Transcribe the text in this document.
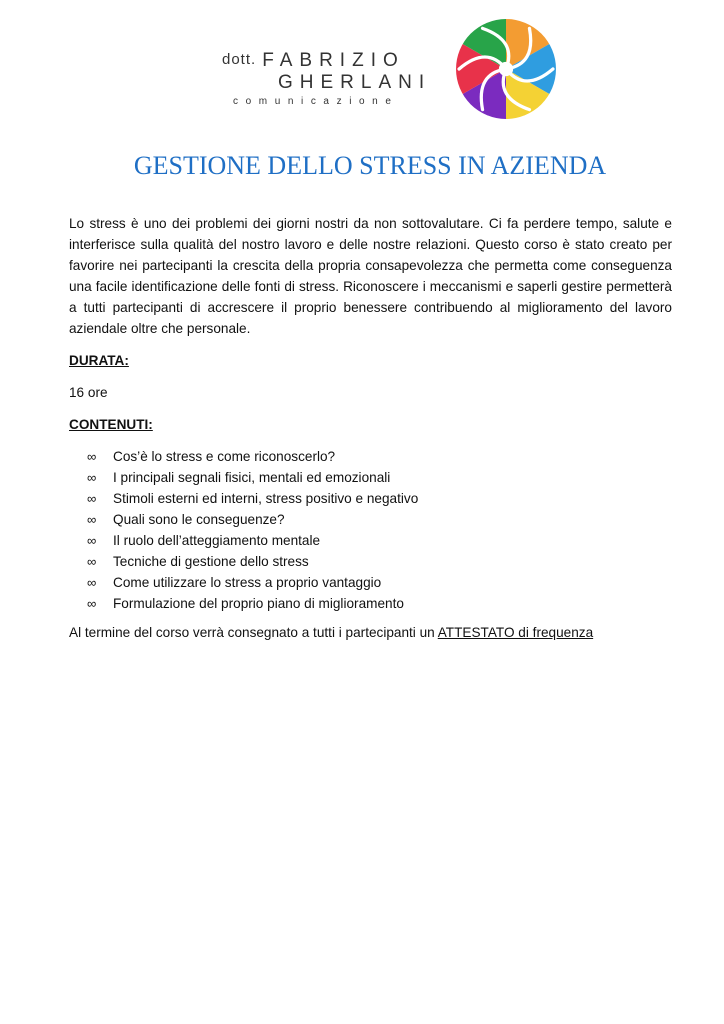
dott. FABRIZIO
GHERLANI
comunicazione
GESTIONE DELLO STRESS IN AZIENDA

Lo stress è uno dei problemi dei giorni nostri da non sottovalutare. Ci fa perdere tempo, salute e interferisce sulla qualità del nostro lavoro e delle nostre relazioni. Questo corso è stato creato per favorire nei partecipanti la crescita della propria consapevolezza che permetta come conseguenza una facile identificazione delle fonti di stress. Riconoscere i meccanismi e saperli gestire permetterà a tutti partecipanti di accrescere il proprio benessere contribuendo al miglioramento del lavoro aziendale oltre che personale.

DURATA:

16 ore

CONTENUTI:

∞ Cos’è lo stress e come riconoscerlo?
∞ I principali segnali fisici, mentali ed emozionali
∞ Stimoli esterni ed interni, stress positivo e negativo
∞ Quali sono le conseguenze?
∞ Il ruolo dell’atteggiamento mentale
∞ Tecniche di gestione dello stress
∞ Come utilizzare lo stress a proprio vantaggio
∞ Formulazione del proprio piano di miglioramento

Al termine del corso verrà consegnato a tutti i partecipanti un ATTESTATO di frequenza
